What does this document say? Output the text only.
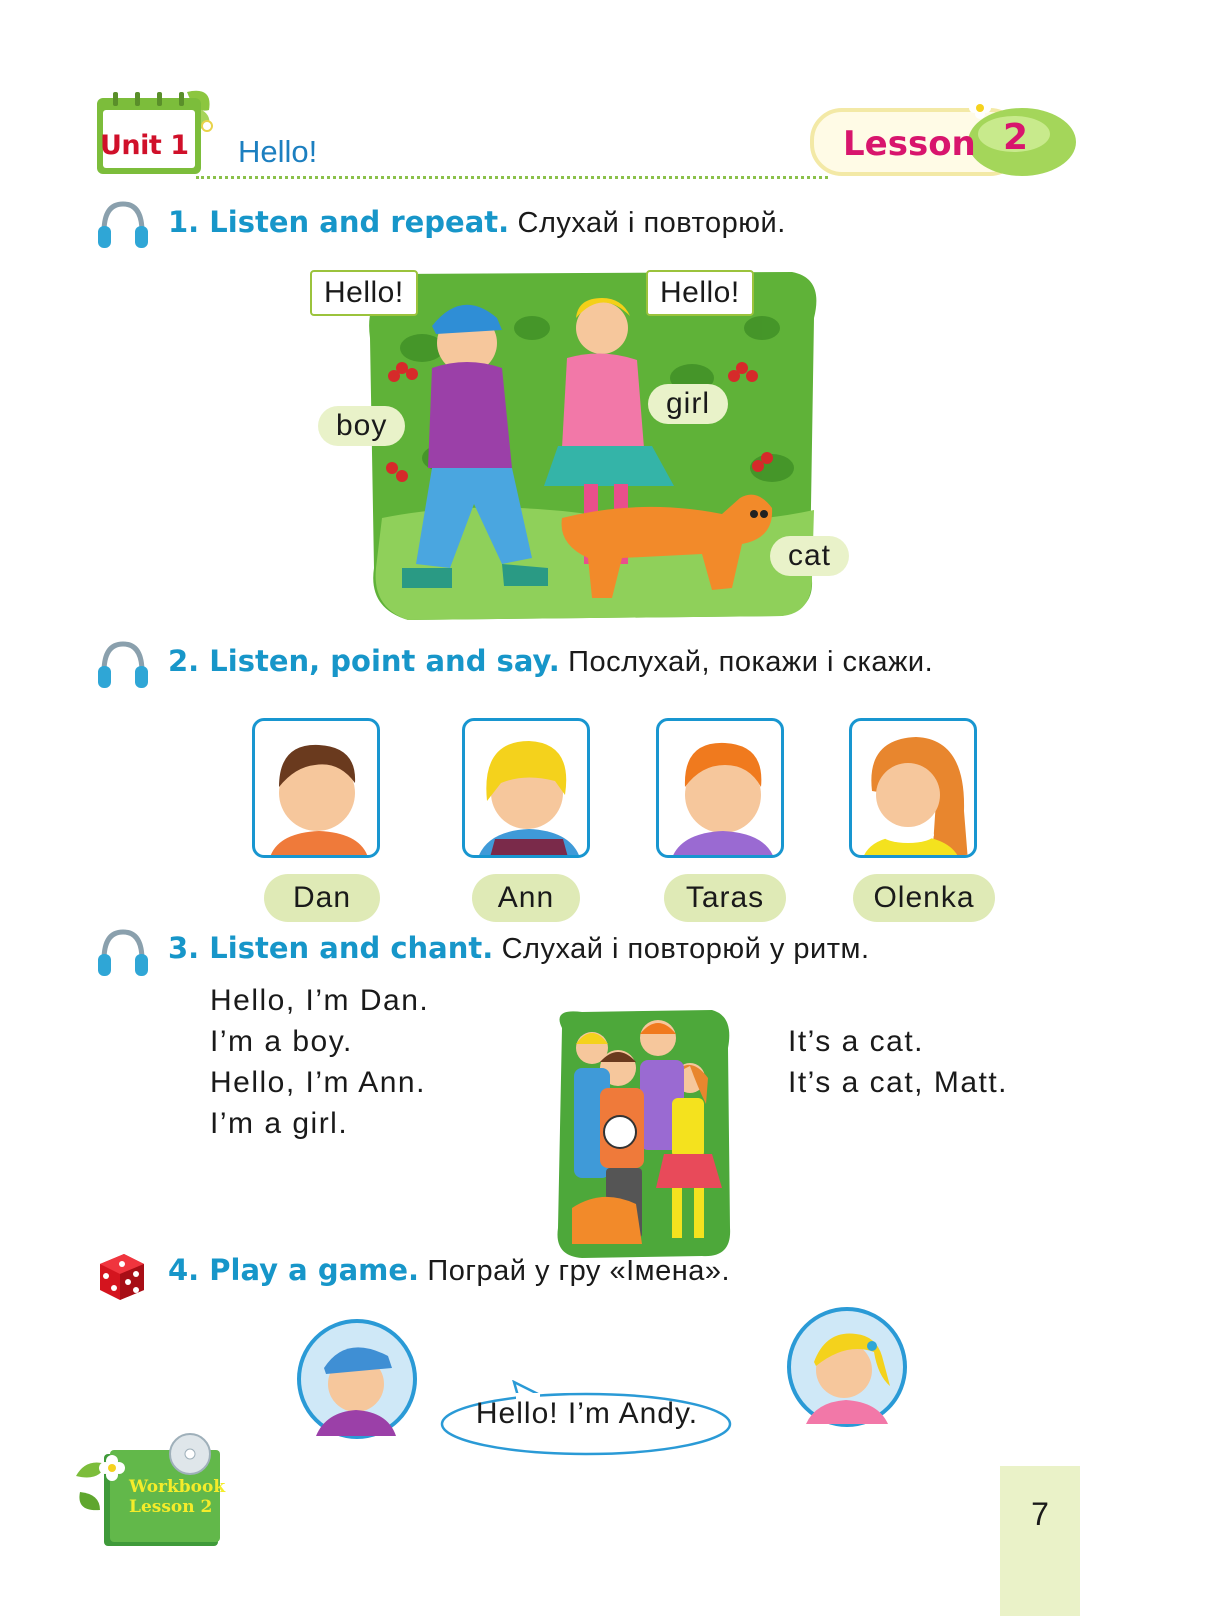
Unit 1 Hello!	Lesson 2
1. Listen and repeat. Слухай і повторюй.
Hello!	Hello!
boy
girl
cat
2. Listen, point and say. Послухай, покажи і скажи.
Dan	Ann	Taras	Olenka
3. Listen and chant. Слухай і повторюй у ритм.
Hello, I’m Dan.
I’m a boy.
Hello, I’m Ann.
I’m a girl.
It’s a cat.
It’s a cat, Matt.
4. Play a game. Пограй у гру «Імена».
Hello! I’m Andy.
Workbook
Lesson 2	7
